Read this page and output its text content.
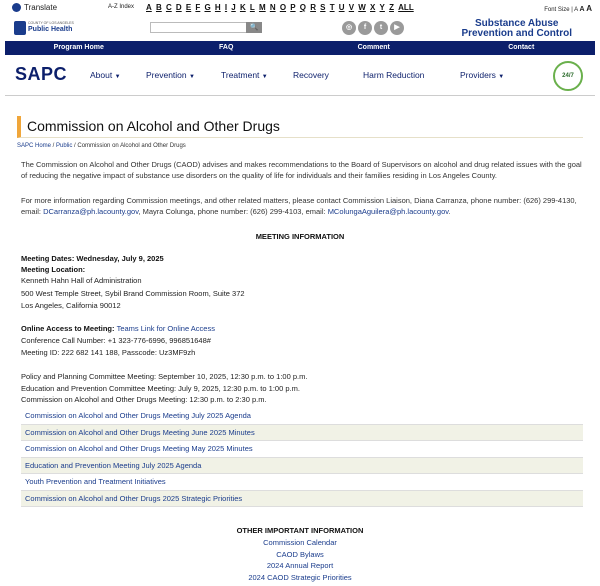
Translate	A-Z Index A B C D E F G H I J K L M N O P Q R S T U V W X Y Z ALL	Font Size | A A A
COUNTY OF LOS ANGELES
Public Health	🔍	◎	f	t	▶	Substance Abuse
Prevention and Control
Program Home	FAQ	Comment	Contact
SAPC	About ▼	Prevention ▼	Treatment ▼	Recovery	Harm Reduction	Providers ▼	24/7
Commission on Alcohol and Other Drugs
SAPC Home / Public / Commission on Alcohol and Other Drugs
The Commission on Alcohol and Other Drugs (CAOD) advises and makes recommendations to the Board of Supervisors on alcohol and drug related issues with the goal of reducing the negative impact of substance use disorders on the quality of life for individuals and their families residing in Los Angeles County.
For more information regarding Commission meetings, and other related matters, please contact Commission Liaison, Diana Carranza, phone number: (626) 299-4130, email: DCarranza@ph.lacounty.gov, Mayra Colunga, phone number: (626) 299-4103, email: MColungaAguilera@ph.lacounty.gov.
MEETING INFORMATION
Meeting Dates: Wednesday, July 9, 2025
Meeting Location:
Kenneth Hahn Hall of Administration
500 West Temple Street, Sybil Brand Commission Room, Suite 372
Los Angeles, California 90012
Online Access to Meeting: Teams Link for Online Access
Conference Call Number: +1 323-776-6996, 996851648#
Meeting ID: 222 682 141 188, Passcode: Uz3MF9zh
Policy and Planning Committee Meeting: September 10, 2025, 12:30 p.m. to 1:00 p.m.
Education and Prevention Committee Meeting: July 9, 2025, 12:30 p.m. to 1:00 p.m.
Commission on Alcohol and Other Drugs Meeting: 12:30 p.m. to 2:30 p.m.
Commission on Alcohol and Other Drugs Meeting July 2025 Agenda
Commission on Alcohol and Other Drugs Meeting June 2025 Minutes
Commission on Alcohol and Other Drugs Meeting May 2025 Minutes
Education and Prevention Meeting July 2025 Agenda
Youth Prevention and Treatment Initiatives
Commission on Alcohol and Other Drugs 2025 Strategic Priorities
OTHER IMPORTANT INFORMATION
Commission Calendar
CAOD Bylaws
2024 Annual Report
2024 CAOD Strategic Priorities
